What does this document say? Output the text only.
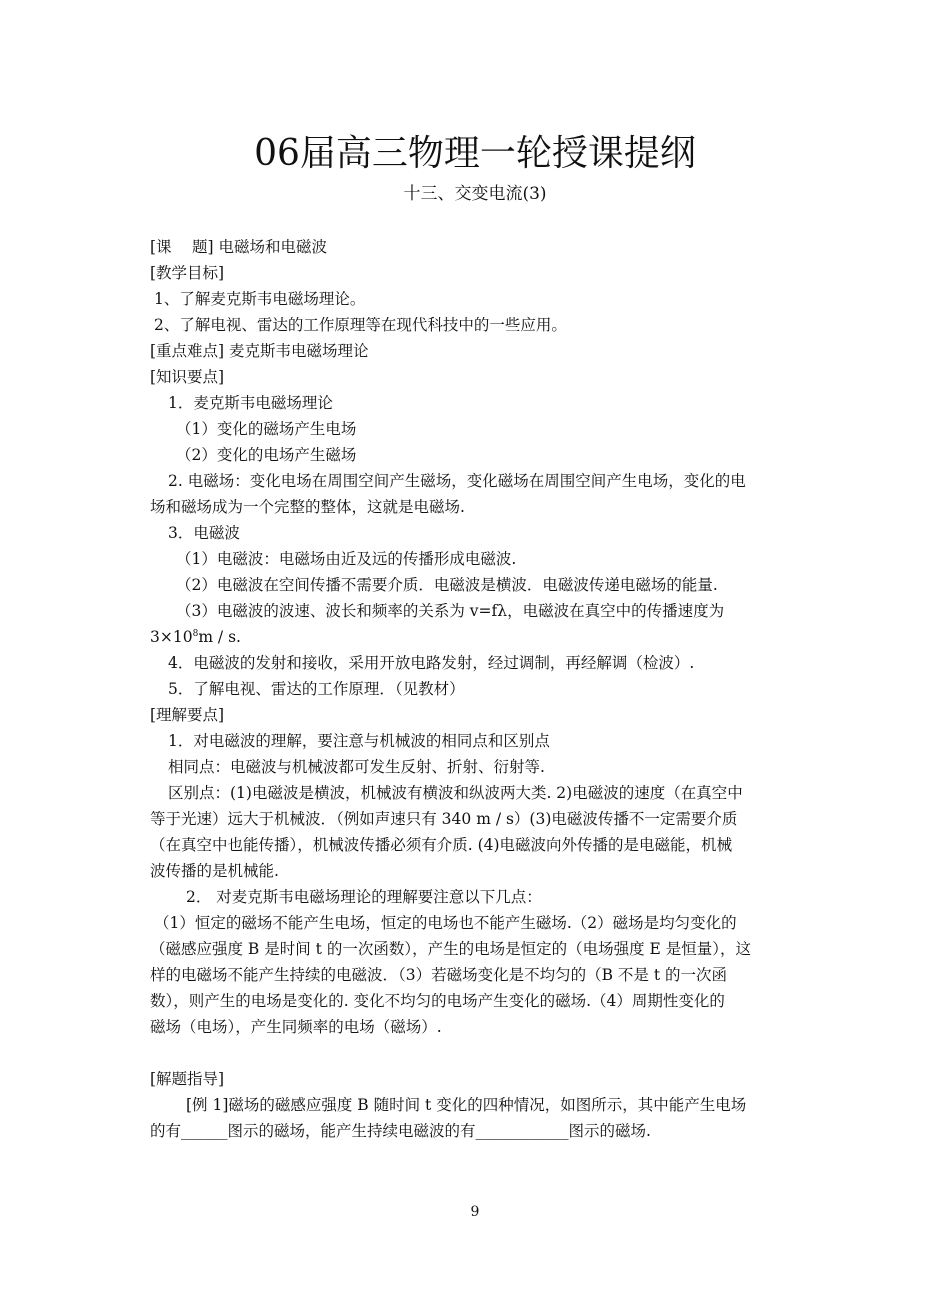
06届高三物理一轮授课提纲
十三、交变电流(3)

[课　 题] 电磁场和电磁波

[教学目标]

1、了解麦克斯韦电磁场理论。

2、了解电视、雷达的工作原理等在现代科技中的一些应用。

[重点难点] 麦克斯韦电磁场理论

[知识要点]

1．麦克斯韦电磁场理论

（1）变化的磁场产生电场

（2）变化的电场产生磁场

2. 电磁场：变化电场在周围空间产生磁场，变化磁场在周围空间产生电场，变化的电

场和磁场成为一个完整的整体，这就是电磁场.

3．电磁波

（1）电磁波：电磁场由近及远的传播形成电磁波.

（2）电磁波在空间传播不需要介质．电磁波是横波．电磁波传递电磁场的能量.

（3）电磁波的波速、波长和频率的关系为 v=fλ，电磁波在真空中的传播速度为

$3\times 10^8m / s$.

4．电磁波的发射和接收，采用开放电路发射，经过调制，再经解调（检波）.

5．了解电视、雷达的工作原理．（见教材）

[理解要点]

1．对电磁波的理解，要注意与机械波的相同点和区别点

相同点：电磁波与机械波都可发生反射、折射、衍射等.

区别点：(1)电磁波是横波，机械波有横波和纵波两大类. 2)电磁波的速度（在真空中

等于光速）远大于机械波．（例如声速只有 340 m / s）(3)电磁波传播不一定需要介质

（在真空中也能传播），机械波传播必须有介质. (4)电磁波向外传播的是电磁能，机械

波传播的是机械能.

2． 对麦克斯韦电磁场理论的理解要注意以下几点：

（1）恒定的磁场不能产生电场，恒定的电场也不能产生磁场.（2）磁场是均匀变化的

（磁感应强度 B 是时间 t 的一次函数），产生的电场是恒定的（电场强度 E 是恒量），这

样的电磁场不能产生持续的电磁波．（3）若磁场变化是不均匀的（B 不是 t 的一次函

数），则产生的电场是变化的. 变化不均匀的电场产生变化的磁场.（4）周期性变化的

磁场（电场），产生同频率的电场（磁场）.

[解题指导]

[例 1]磁场的磁感应强度 B 随时间 t 变化的四种情况，如图所示，其中能产生电场

的有______图示的磁场，能产生持续电磁波的有____________图示的磁场.

9
